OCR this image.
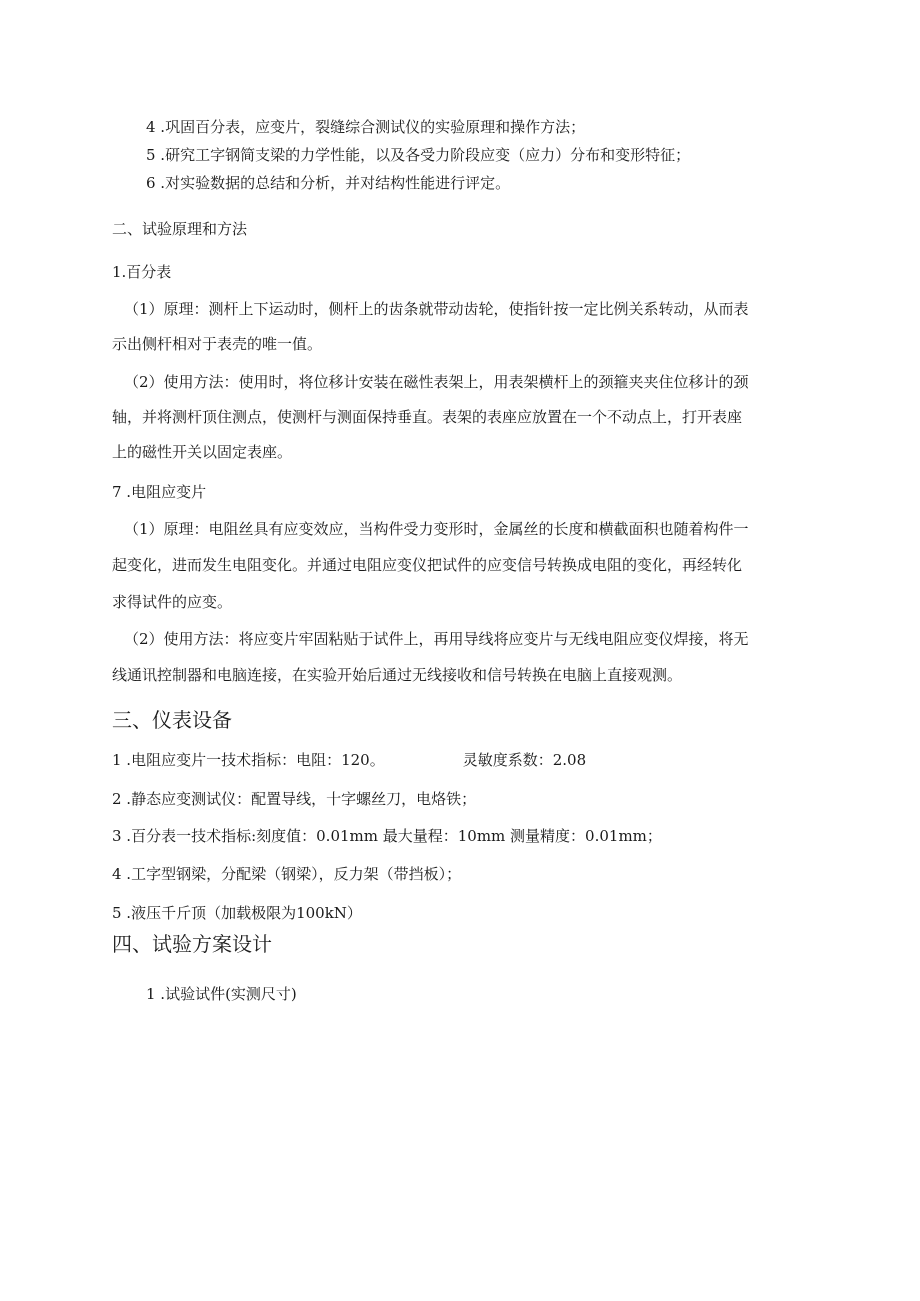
4 .巩固百分表，应变片，裂缝综合测试仪的实验原理和操作方法；
5 .研究工字钢简支梁的力学性能，以及各受力阶段应变（应力）分布和变形特征；
6 .对实验数据的总结和分析，并对结构性能进行评定。
二、试验原理和方法
1.百分表
（1）原理：测杆上下运动时，侧杆上的齿条就带动齿轮，使指针按一定比例关系转动，从而表
示出侧杆相对于表壳的唯一值。
（2）使用方法：使用时，将位移计安装在磁性表架上，用表架横杆上的颈箍夹夹住位移计的颈
轴，并将测杆顶住测点，使测杆与测面保持垂直。表架的表座应放置在一个不动点上，打开表座
上的磁性开关以固定表座。
7 .电阻应变片
（1）原理：电阻丝具有应变效应，当构件受力变形时，金属丝的长度和横截面积也随着构件一
起变化，进而发生电阻变化。并通过电阻应变仪把试件的应变信号转换成电阻的变化，再经转化
求得试件的应变。
（2）使用方法：将应变片牢固粘贴于试件上，再用导线将应变片与无线电阻应变仪焊接，将无
线通讯控制器和电脑连接，在实验开始后通过无线接收和信号转换在电脑上直接观测。
三、仪表设备
1 .电阻应变片一技术指标：电阻：120。	灵敏度系数：2.08
2 .静态应变测试仪：配置导线，十字螺丝刀，电烙铁；
3 .百分表一技术指标:刻度值：0.01mm 最大量程：10mm 测量精度：0.01mm；
4 .工字型钢梁，分配梁（钢梁），反力架（带挡板）；
5 .液压千斤顶（加载极限为100kN）
四、试验方案设计
1 .试验试件(实测尺寸)
